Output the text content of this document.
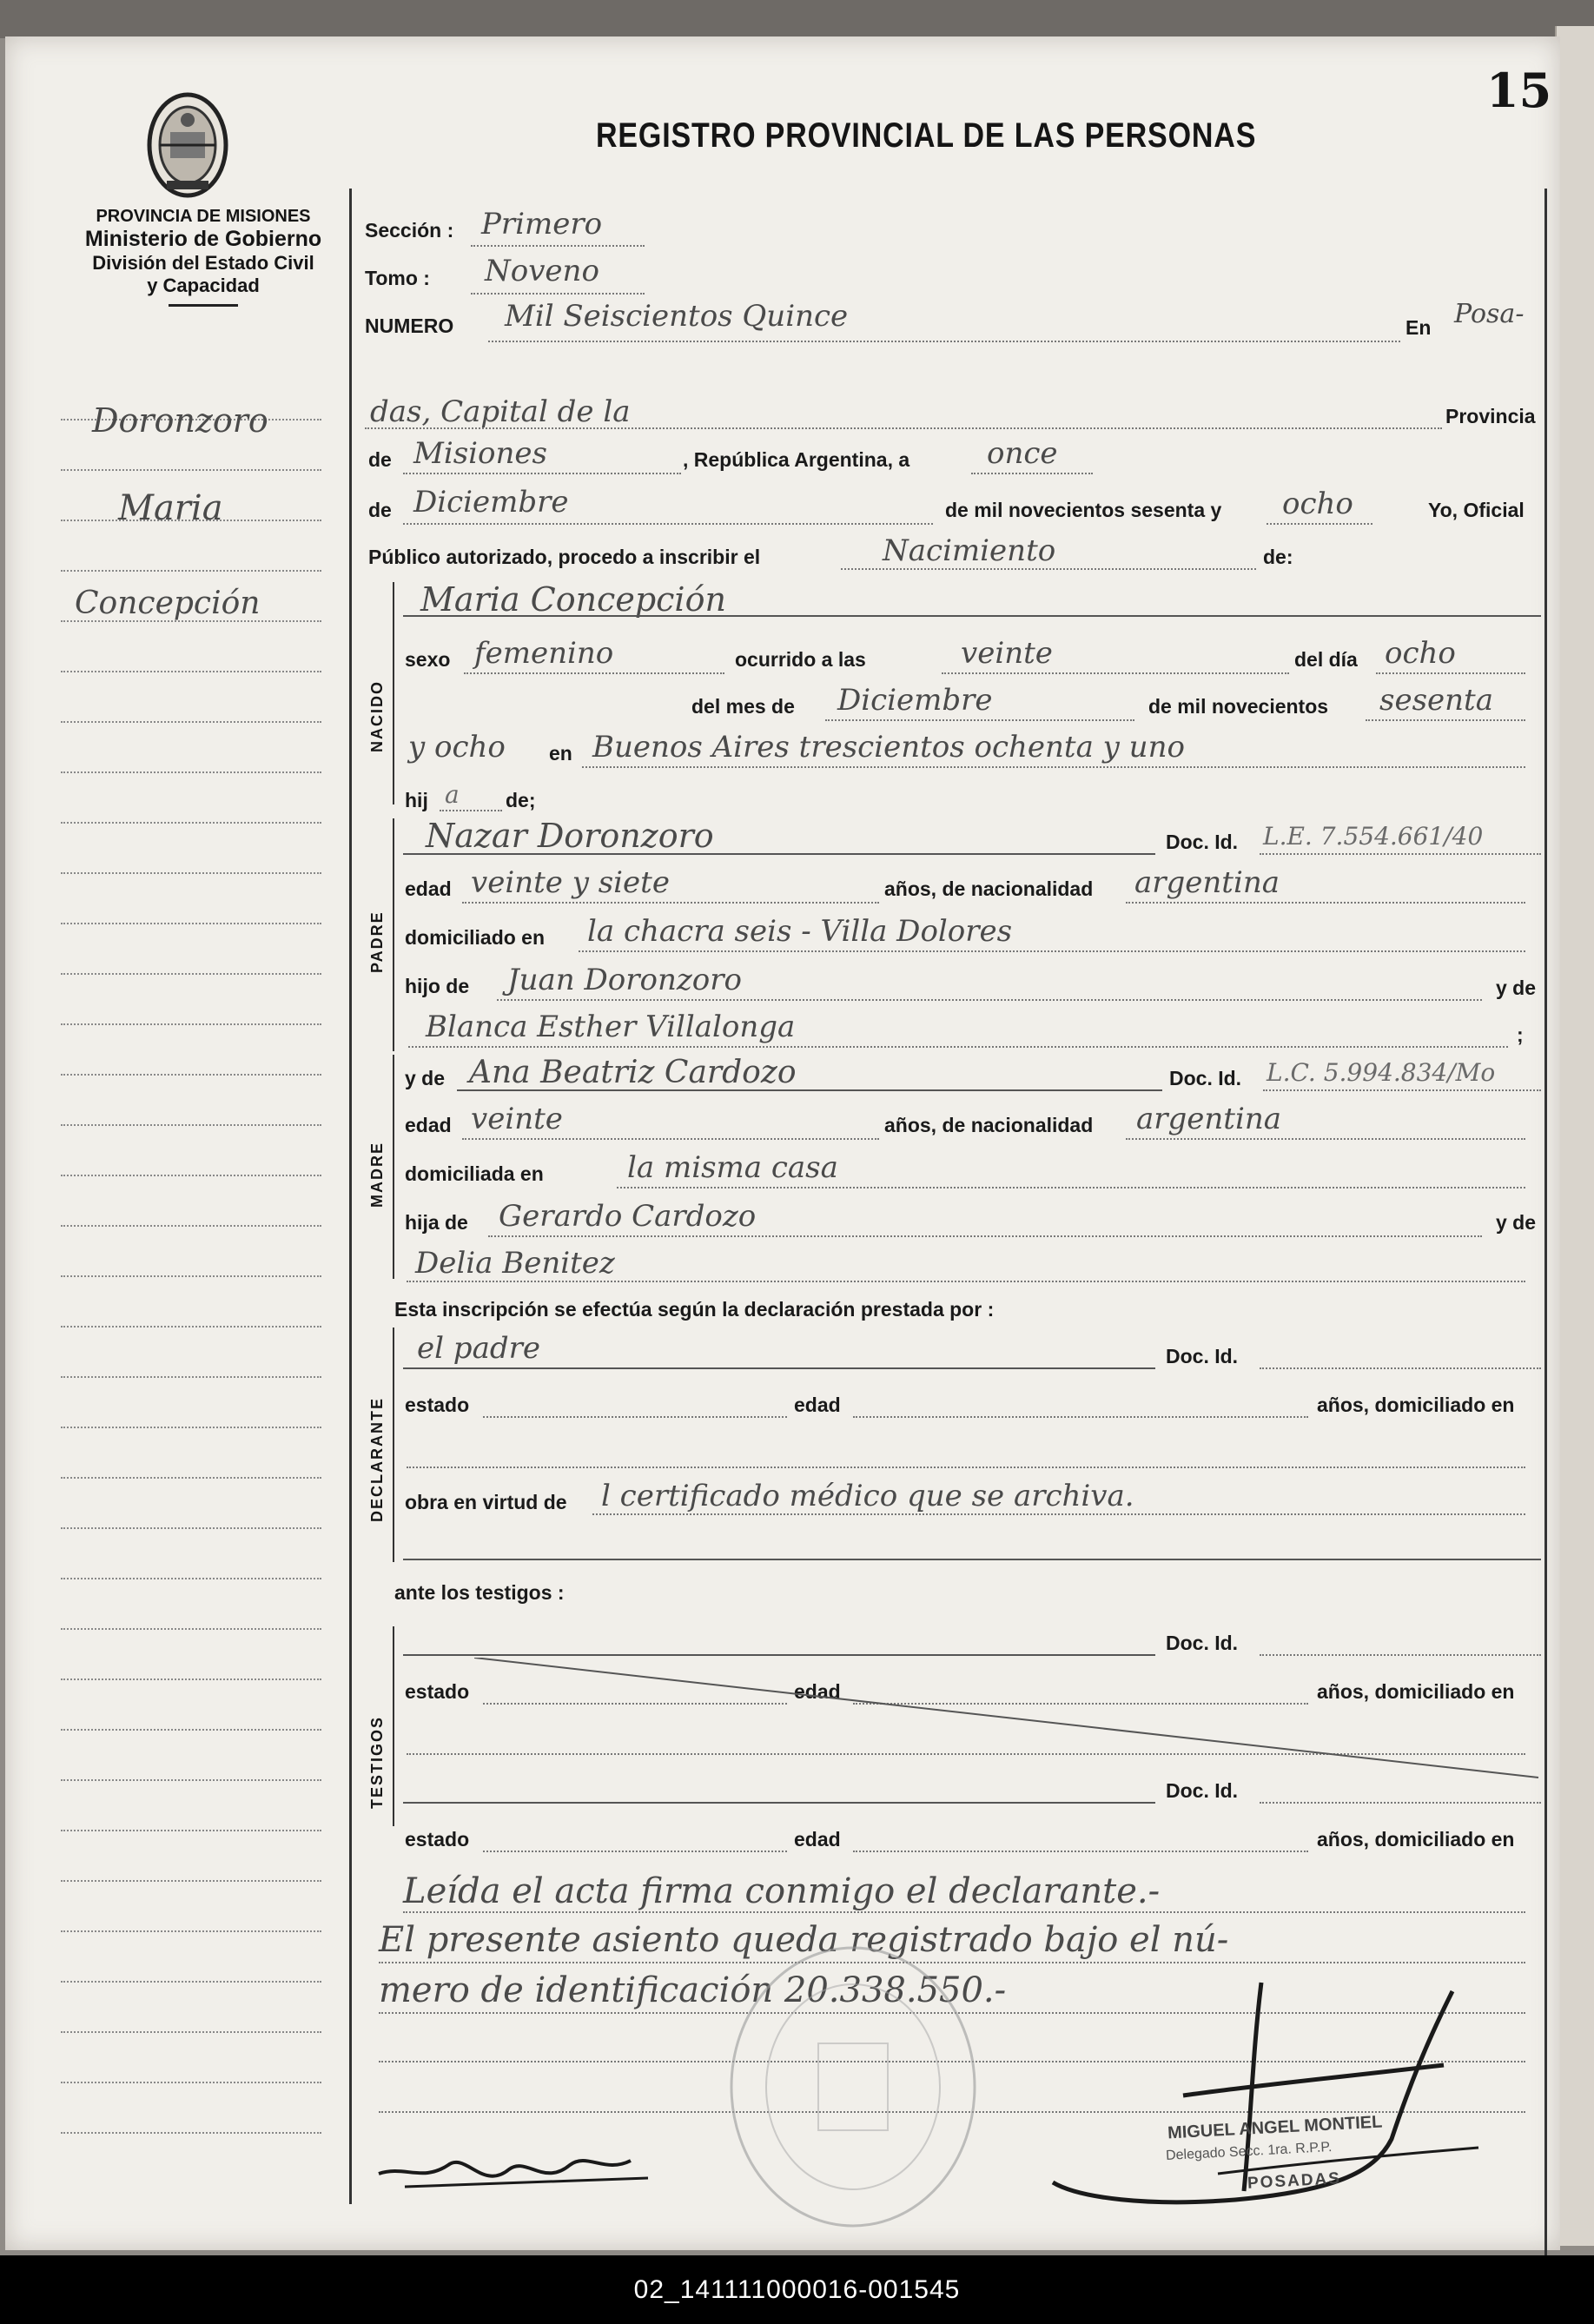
15
REGISTRO PROVINCIAL DE LAS PERSONAS
PROVINCIA DE MISIONES
Ministerio de Gobierno
División del Estado Civil
y Capacidad
Doronzoro
Maria
Concepción
Sección : Primero
Tomo : Noveno
NUMERO Mil Seiscientos Quince	En Posa-
das, Capital de la	Provincia
de Misiones	, República Argentina, a	once
de Diciembre	de mil novecientos sesenta y ocho	Yo, Oficial
Público autorizado, procedo a inscribir el	Nacimiento	de:
NACIDO
Maria Concepción
sexo femenino	ocurrido a las	veinte	del día ocho
del mes de Diciembre	de mil novecientos sesenta
y ocho en Buenos Aires trescientos ochenta y uno
hij a de;
PADRE
Nazar Doronzoro	Doc. Id. L.E. 7.554.661/40
edad veinte y siete	años, de nacionalidad argentina
domiciliado en la chacra seis - Villa Dolores
hijo de Juan Doronzoro	y de
Blanca Esther Villalonga	;
MADRE
y de Ana Beatriz Cardozo	Doc. Id. L.C. 5.994.834/Mo
edad veinte	años, de nacionalidad argentina
domiciliada en	la misma casa
hija de Gerardo Cardozo	y de
Delia Benitez
Esta inscripción se efectúa según la declaración prestada por :
DECLARANTE
el padre	Doc. Id.
estado	edad	años, domiciliado en
obra en virtud de l certificado médico que se archiva.
ante los testigos :
TESTIGOS
Doc. Id.
estado	edad	años, domiciliado en
Doc. Id.
estado	edad	años, domiciliado en
Leída el acta firma conmigo el declarante.-
El presente asiento queda registrado bajo el nú-
mero de identificación 20.338.550.-
MIGUEL ANGEL MONTIEL
Delegado Secc. 1ra. R.P.P.
POSADAS
02_141111000016-001545
